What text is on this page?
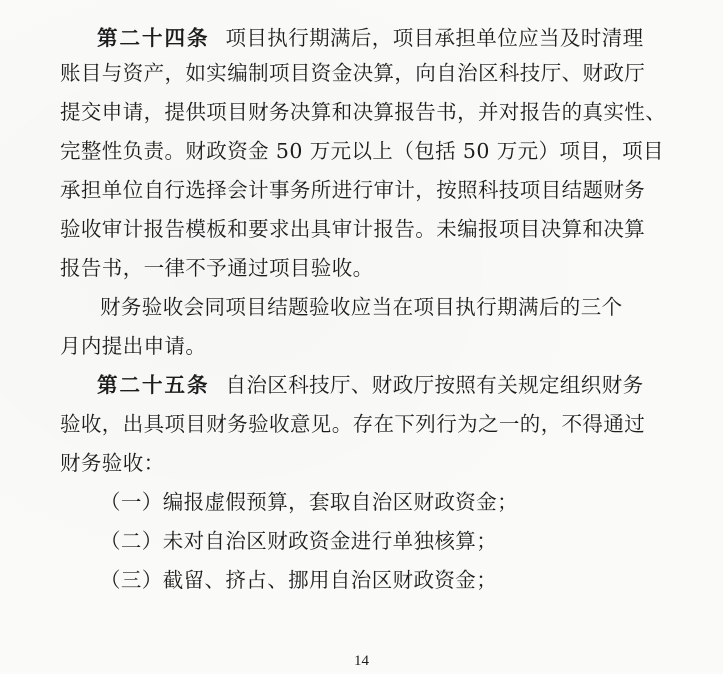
第二十四条 项目执行期满后，项目承担单位应当及时清理
账目与资产，如实编制项目资金决算，向自治区科技厅、财政厅
提交申请，提供项目财务决算和决算报告书，并对报告的真实性、
完整性负责。财政资金 50 万元以上（包括 50 万元）项目，项目
承担单位自行选择会计事务所进行审计，按照科技项目结题财务
验收审计报告模板和要求出具审计报告。未编报项目决算和决算
报告书，一律不予通过项目验收。
财务验收会同项目结题验收应当在项目执行期满后的三个
月内提出申请。
第二十五条 自治区科技厅、财政厅按照有关规定组织财务
验收，出具项目财务验收意见。存在下列行为之一的，不得通过
财务验收：
（一）编报虚假预算，套取自治区财政资金；
（二）未对自治区财政资金进行单独核算；
（三）截留、挤占、挪用自治区财政资金；
14
